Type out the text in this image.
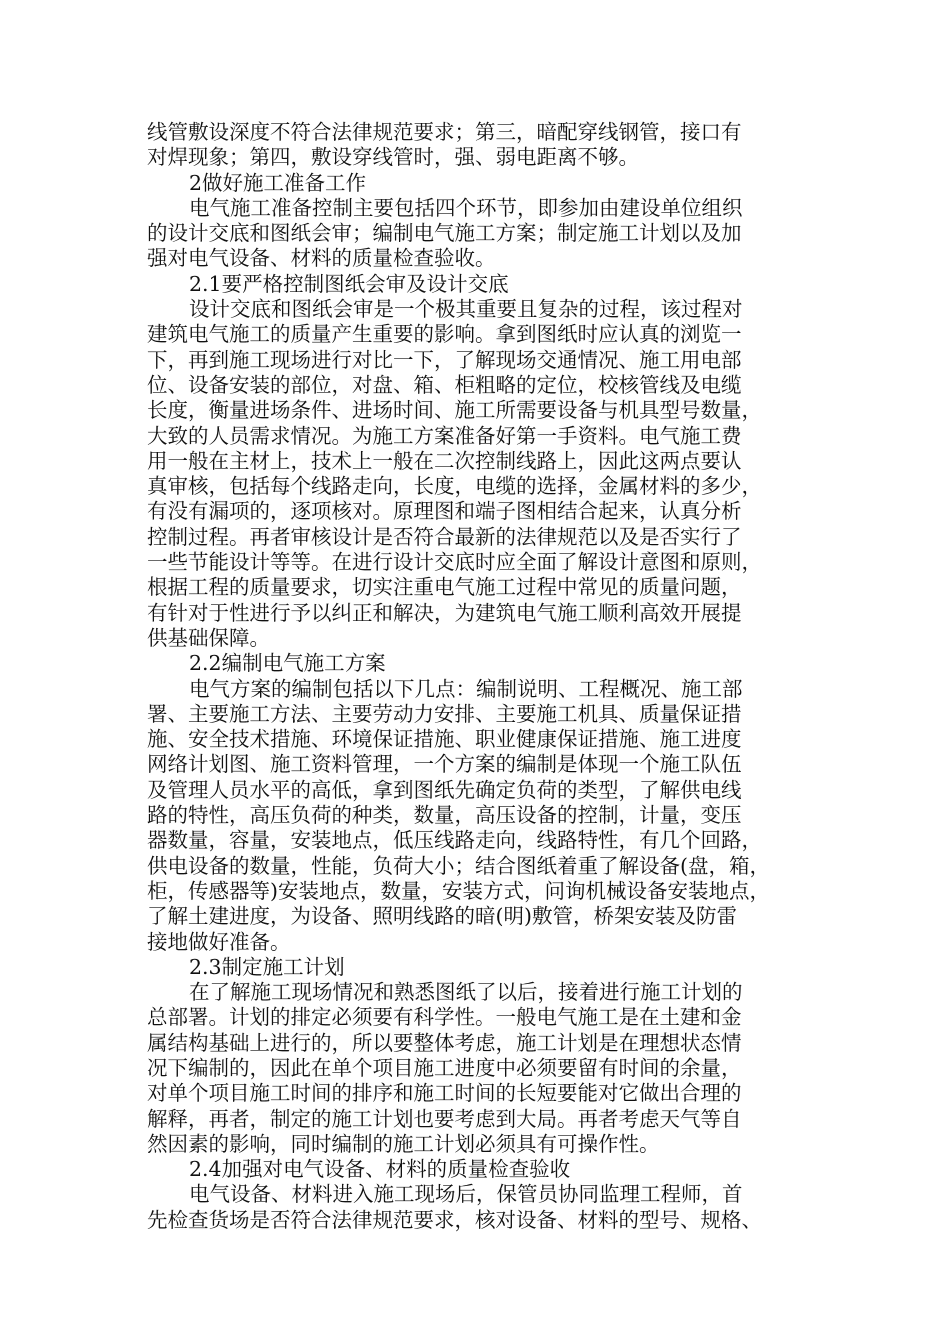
线管敷设深度不符合法律规范要求；第三，暗配穿线钢管，接口有
对焊现象；第四，敷设穿线管时，强、弱电距离不够。
2做好施工准备工作
电气施工准备控制主要包括四个环节，即参加由建设单位组织
的设计交底和图纸会审；编制电气施工方案；制定施工计划以及加
强对电气设备、材料的质量检查验收。
2.1要严格控制图纸会审及设计交底
设计交底和图纸会审是一个极其重要且复杂的过程，该过程对
建筑电气施工的质量产生重要的影响。拿到图纸时应认真的浏览一
下，再到施工现场进行对比一下，了解现场交通情况、施工用电部
位、设备安装的部位，对盘、箱、柜粗略的定位，校核管线及电缆
长度，衡量进场条件、进场时间、施工所需要设备与机具型号数量，
大致的人员需求情况。为施工方案准备好第一手资料。电气施工费
用一般在主材上，技术上一般在二次控制线路上，因此这两点要认
真审核，包括每个线路走向，长度，电缆的选择，金属材料的多少，
有没有漏项的，逐项核对。原理图和端子图相结合起来，认真分析
控制过程。再者审核设计是否符合最新的法律规范以及是否实行了
一些节能设计等等。在进行设计交底时应全面了解设计意图和原则，
根据工程的质量要求，切实注重电气施工过程中常见的质量问题，
有针对于性进行予以纠正和解决，为建筑电气施工顺利高效开展提
供基础保障。
2.2编制电气施工方案
电气方案的编制包括以下几点：编制说明、工程概况、施工部
署、主要施工方法、主要劳动力安排、主要施工机具、质量保证措
施、安全技术措施、环境保证措施、职业健康保证措施、施工进度
网络计划图、施工资料管理，一个方案的编制是体现一个施工队伍
及管理人员水平的高低，拿到图纸先确定负荷的类型，了解供电线
路的特性，高压负荷的种类，数量，高压设备的控制，计量，变压
器数量，容量，安装地点，低压线路走向，线路特性，有几个回路，
供电设备的数量，性能，负荷大小；结合图纸着重了解设备(盘，箱，
柜，传感器等)安装地点，数量，安装方式，问询机械设备安装地点，
了解土建进度，为设备、照明线路的暗(明)敷管，桥架安装及防雷
接地做好准备。
2.3制定施工计划
在了解施工现场情况和熟悉图纸了以后，接着进行施工计划的
总部署。计划的排定必须要有科学性。一般电气施工是在土建和金
属结构基础上进行的，所以要整体考虑，施工计划是在理想状态情
况下编制的，因此在单个项目施工进度中必须要留有时间的余量，
对单个项目施工时间的排序和施工时间的长短要能对它做出合理的
解释，再者，制定的施工计划也要考虑到大局。再者考虑天气等自
然因素的影响，同时编制的施工计划必须具有可操作性。
2.4加强对电气设备、材料的质量检查验收
电气设备、材料进入施工现场后，保管员协同监理工程师，首
先检查货场是否符合法律规范要求，核对设备、材料的型号、规格、
